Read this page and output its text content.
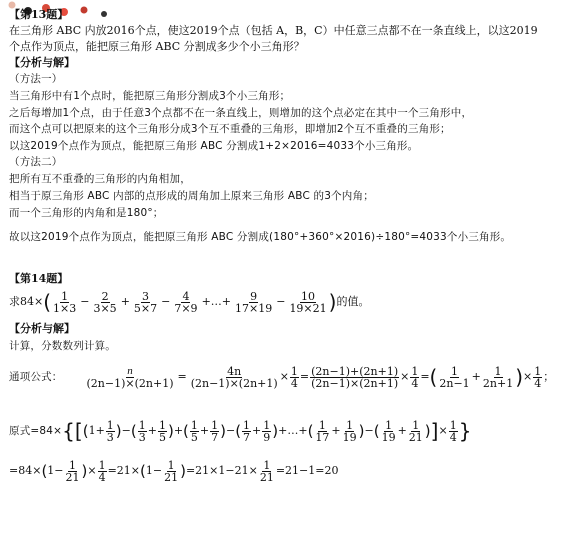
【第13题】
在三角形 ABC 内放2016个点，使这2019个点（包括 A，B，C）中任意三点都不在一条直线上，以这2019
个点作为顶点，能把原三角形 ABC 分割成多少个小三角形？
【分析与解】
（方法一）
当三角形中有1个点时，能把原三角形分割成3个小三角形；
之后每增加1个点，由于任意3个点都不在一条直线上，则增加的这个点必定在其中一个三角形中，
而这个点可以把原来的这个三角形分成3个互不重叠的三角形，即增加2个互不重叠的三角形；
以这2019个点作为顶点，能把原三角形 ABC 分割成1+2×2016=4033个小三角形。
（方法二）
把所有互不重叠的三角形的内角相加，
相当于原三角形 ABC 内部的点形成的周角加上原来三角形 ABC 的3个内角；
而一个三角形的内角和是180°；
故以这2019个点作为顶点，能把原三角形 ABC 分割成(180°+360°×2016)÷180°=4033个小三角形。
【第14题】
求84× ( $\frac{1}{1\times 3} - \frac{2}{3\times 5} + \frac{3}{5\times 7} - \frac{4}{7\times 9}$ +…+ $\frac{9}{17\times 19} - \frac{10}{19\times 21}$ ) 的值。
【分析与解】
计算，分数数列计算。
通项公式： $\frac{n}{(2n-1)\times(2n+1)} = \frac{4n}{(2n-1)\times(2n+1)} \times \frac{1}{4} = \frac{(2n-1)+(2n+1)}{(2n-1)\times(2n+1)} \times \frac{1}{4}$ = ( $\frac{1}{2n-1} + \frac{1}{2n+1}$ ) × $\frac{1}{4}$ ；
原式=84× { [ ( $1 + \frac{1}{3}$ ) − ( $\frac{1}{3} + \frac{1}{5}$ ) + ( $\frac{1}{5} + \frac{1}{7}$ ) − ( $\frac{1}{7} + \frac{1}{9}$ ) +…+ ( $\frac{1}{17} + \frac{1}{19}$ ) − ( $\frac{1}{19} + \frac{1}{21}$ ) ] × $\frac{1}{4}$ }
=84× ( $1 - \frac{1}{21}$ ) × $\frac{1}{4} =21\times$ ( $1 - \frac{1}{21}$ ) $=21\times 1-21\times \frac{1}{21} =21-1=20$
